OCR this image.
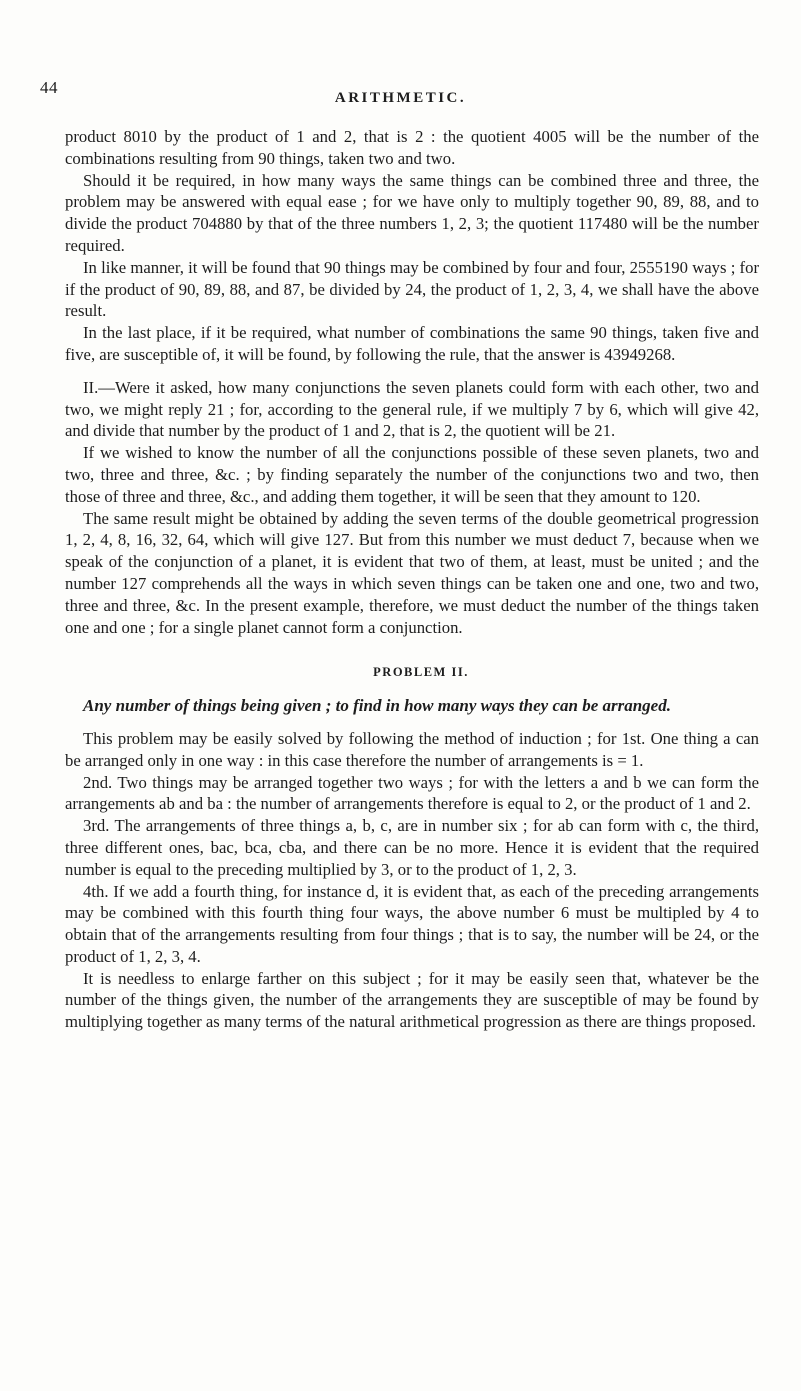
44
ARITHMETIC.

product 8010 by the product of 1 and 2, that is 2 : the quotient 4005 will be the number of the combinations resulting from 90 things, taken two and two.

Should it be required, in how many ways the same things can be combined three and three, the problem may be answered with equal ease ; for we have only to multiply together 90, 89, 88, and to divide the product 704880 by that of the three numbers 1, 2, 3; the quotient 117480 will be the number required.

In like manner, it will be found that 90 things may be combined by four and four, 2555190 ways ; for if the product of 90, 89, 88, and 87, be divided by 24, the product of 1, 2, 3, 4, we shall have the above result.

In the last place, if it be required, what number of combinations the same 90 things, taken five and five, are susceptible of, it will be found, by following the rule, that the answer is 43949268.

II.—Were it asked, how many conjunctions the seven planets could form with each other, two and two, we might reply 21 ; for, according to the general rule, if we multiply 7 by 6, which will give 42, and divide that number by the product of 1 and 2, that is 2, the quotient will be 21.

If we wished to know the number of all the conjunctions possible of these seven planets, two and two, three and three, &c. ; by finding separately the number of the conjunctions two and two, then those of three and three, &c., and adding them together, it will be seen that they amount to 120.

The same result might be obtained by adding the seven terms of the double geometrical progression 1, 2, 4, 8, 16, 32, 64, which will give 127. But from this number we must deduct 7, because when we speak of the conjunction of a planet, it is evident that two of them, at least, must be united ; and the number 127 comprehends all the ways in which seven things can be taken one and one, two and two, three and three, &c. In the present example, therefore, we must deduct the number of the things taken one and one ; for a single planet cannot form a conjunction.

PROBLEM II.

Any number of things being given ; to find in how many ways they can be arranged.

This problem may be easily solved by following the method of induction ; for 1st. One thing a can be arranged only in one way : in this case therefore the number of arrangements is = 1.

2nd. Two things may be arranged together two ways ; for with the letters a and b we can form the arrangements ab and ba : the number of arrangements therefore is equal to 2, or the product of 1 and 2.

3rd. The arrangements of three things a, b, c, are in number six ; for ab can form with c, the third, three different ones, bac, bca, cba, and there can be no more. Hence it is evident that the required number is equal to the preceding multiplied by 3, or to the product of 1, 2, 3.

4th. If we add a fourth thing, for instance d, it is evident that, as each of the preceding arrangements may be combined with this fourth thing four ways, the above number 6 must be multipled by 4 to obtain that of the arrangements resulting from four things ; that is to say, the number will be 24, or the product of 1, 2, 3, 4.

It is needless to enlarge farther on this subject ; for it may be easily seen that, whatever be the number of the things given, the number of the arrangements they are susceptible of may be found by multiplying together as many terms of the natural arithmetical progression as there are things proposed.
